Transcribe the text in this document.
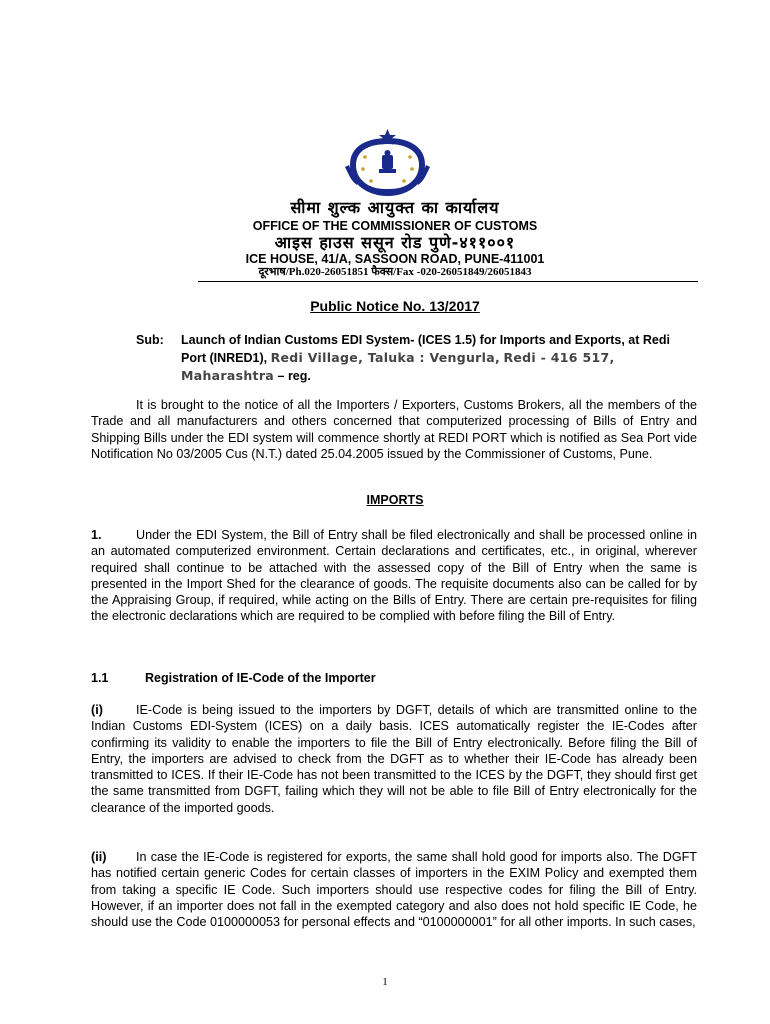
सीमा शुल्क आयुक्त का कार्यालय
OFFICE OF THE COMMISSIONER OF CUSTOMS
आइस हाउस ससून रोड पुणे-४११००१
ICE HOUSE, 41/A, SASSOON ROAD, PUNE-411001
दूरभाष/Ph.020-26051851 फैक्स/Fax -020-26051849/26051843
Public Notice No. 13/2017
Sub: Launch of Indian Customs EDI System- (ICES 1.5) for Imports and Exports, at Redi Port (INRED1), Redi Village, Taluka : Vengurla, Redi - 416 517, Maharashtra – reg.
It is brought to the notice of all the Importers / Exporters, Customs Brokers, all the members of the Trade and all manufacturers and others concerned that computerized processing of Bills of Entry and Shipping Bills under the EDI system will commence shortly at REDI PORT which is notified as Sea Port vide Notification No 03/2005 Cus (N.T.) dated 25.04.2005 issued by the Commissioner of Customs, Pune.
IMPORTS
1.	Under the EDI System, the Bill of Entry shall be filed electronically and shall be processed online in an automated computerized environment. Certain declarations and certificates, etc., in original, wherever required shall continue to be attached with the assessed copy of the Bill of Entry when the same is presented in the Import Shed for the clearance of goods. The requisite documents also can be called for by the Appraising Group, if required, while acting on the Bills of Entry. There are certain pre-requisites for filing the electronic declarations which are required to be complied with before filing the Bill of Entry.
1.1	Registration of IE-Code of the Importer
(i)	IE-Code is being issued to the importers by DGFT, details of which are transmitted online to the Indian Customs EDI-System (ICES) on a daily basis. ICES automatically register the IE-Codes after confirming its validity to enable the importers to file the Bill of Entry electronically. Before filing the Bill of Entry, the importers are advised to check from the DGFT as to whether their IE-Code has already been transmitted to ICES. If their IE-Code has not been transmitted to the ICES by the DGFT, they should first get the same transmitted from DGFT, failing which they will not be able to file Bill of Entry electronically for the clearance of the imported goods.
(ii) In case the IE-Code is registered for exports, the same shall hold good for imports also. The DGFT has notified certain generic Codes for certain classes of importers in the EXIM Policy and exempted them from taking a specific IE Code. Such importers should use respective codes for filing the Bill of Entry. However, if an importer does not fall in the exempted category and also does not hold specific IE Code, he should use the Code 0100000053 for personal effects and “0100000001” for all other imports. In such cases,
1
